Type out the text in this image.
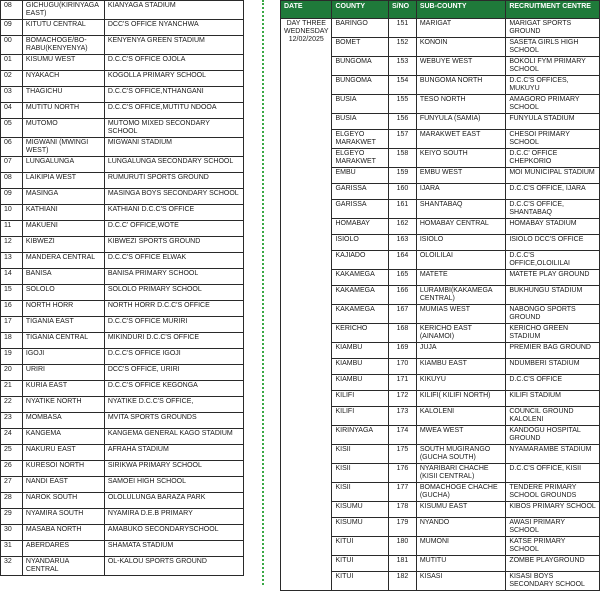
08	GICHUGU(KIRINYAGA EAST)	KIANYAGA STADIUM
09	KITUTU CENTRAL	DCC'S OFFICE NYANCHWA
00	BOMACHOGE/BO-RABU(KENYENYA)	KENYENYA GREEN STADIUM
01	KISUMU WEST	D.C.C'S OFFICE OJOLA
02	NYAKACH	KOGOLLA PRIMARY SCHOOL
03	THAGICHU	D.C.C'S OFFICE,NTHANGANI
04	MUTITU NORTH	D.C.C'S OFFICE,MUTITU NDOOA
05	MUTOMO	MUTOMO MIXED SECONDARY SCHOOL
06	MIGWANI (MWINGI WEST)	MIGWANI STADIUM
07	LUNGALUNGA	LUNGALUNGA SECONDARY SCHOOL
08	LAIKIPIA WEST	RUMURUTI SPORTS GROUND
09	MASINGA	MASINGA BOYS SECONDARY SCHOOL
10	KATHIANI	KATHIANI D.C.C'S OFFICE
11	MAKUENI	D.C.C' OFFICE,WOTE
12	KIBWEZI	KIBWEZI SPORTS GROUND
13	MANDERA CENTRAL	D.C.C'S OFFICE ELWAK
14	BANISA	BANISA PRIMARY SCHOOL
15	SOLOLO	SOLOLO PRIMARY SCHOOL
16	NORTH HORR	NORTH HORR D.C.C'S OFFICE
17	TIGANIA EAST	D.C.C'S OFFICE MURIRI
18	TIGANIA CENTRAL	MIKINDURI D.C.C'S OFFICE
19	IGOJI	D.C.C'S OFFICE IGOJI
20	URIRI	DCC'S OFFICE, URIRI
21	KURIA EAST	D.C.C'S OFFICE KEGONGA
22	NYATIKE NORTH	NYATIKE D.C.C'S OFFICE,
23	MOMBASA	MVITA SPORTS GROUNDS
24	KANGEMA	KANGEMA GENERAL KAGO STADIUM
25	NAKURU EAST	AFRAHA STADIUM
26	KURESOI NORTH	SIRIKWA PRIMARY SCHOOL
27	NANDI EAST	SAMOEI HIGH SCHOOL
28	NAROK SOUTH	OLOLULUNGA BARAZA PARK
29	NYAMIRA SOUTH	NYAMIRA D.E.B PRIMARY
30	MASABA NORTH	AMABUKO SECONDARYSCHOOL
31	ABERDARES	SHAMATA STADIUM
32	NYANDARUA CENTRAL	OL-KALOU SPORTS GROUND
DATE	COUNTY	S/NO	SUB-COUNTY	RECRUITMENT CENTRE
DAY THREE WEDNESDAY 12/02/2025	BARINGO	151	MARIGAT	MARIGAT SPORTS GROUND
	BOMET	152	KONOIN	SASETA GIRLS HIGH SCHOOL
	BUNGOMA	153	WEBUYE WEST	BOKOLI FYM PRIMARY SCHOOL
	BUNGOMA	154	BUNGOMA NORTH	D.C.C'S OFFICES, MUKUYU
	BUSIA	155	TESO NORTH	AMAGORO PRIMARY SCHOOL
	BUSIA	156	FUNYULA (SAMIA)	FUNYULA STADIUM
	ELGEYO MARAKWET	157	MARAKWET EAST	CHESOI PRIMARY SCHOOL
	ELGEYO MARAKWET	158	KEIYO SOUTH	D.C.C' OFFICE CHEPKORIO
	EMBU	159	EMBU WEST	MOI MUNICIPAL STADIUM
	GARISSA	160	IJARA	D.C.C'S OFFICE, IJARA
	GARISSA	161	SHANTABAQ	D.C.C'S OFFICE, SHANTABAQ
	HOMABAY	162	HOMABAY CENTRAL	HOMABAY STADIUM
	ISIOLO	163	ISIOLO	ISIOLO DCC'S OFFICE
	KAJIADO	164	OLOILILAI	D.C.C'S OFFICE,OLOILILAI
	KAKAMEGA	165	MATETE	MATETE PLAY GROUND
	KAKAMEGA	166	LURAMBI(KAKAMEGA CENTRAL)	BUKHUNGU STADIUM
	KAKAMEGA	167	MUMIAS WEST	NABONGO SPORTS GROUND
	KERICHO	168	KERICHO EAST (AINAMOI)	KERICHO GREEN STADIUM
	KIAMBU	169	JUJA	PREMIER BAG GROUND
	KIAMBU	170	KIAMBU EAST	NDUMBERI STADIUM
	KIAMBU	171	KIKUYU	D.C.C'S OFFICE
	KILIFI	172	KILIFI( KILIFI NORTH)	KILIFI STADIUM
	KILIFI	173	KALOLENI	COUNCIL GROUND KALOLENI
	KIRINYAGA	174	MWEA WEST	KANDOGU HOSPITAL GROUND
	KISII	175	SOUTH MUGIRANGO (GUCHA SOUTH)	NYAMARAMBE STADIUM
	KISII	176	NYARIBARI CHACHE (KISII CENTRAL)	D.C.C'S OFFICE, KISII
	KISII	177	BOMACHOGE CHACHE (GUCHA)	TENDERE PRIMARY SCHOOL GROUNDS
	KISUMU	178	KISUMU EAST	KIBOS PRIMARY SCHOOL
	KISUMU	179	NYANDO	AWASI PRIMARY SCHOOL
	KITUI	180	MUMONI	KATSE PRIMARY SCHOOL
	KITUI	181	MUTITU	ZOMBE PLAYGROUND
	KITUI	182	KISASI	KISASI BOYS SECONDARY SCHOOL
